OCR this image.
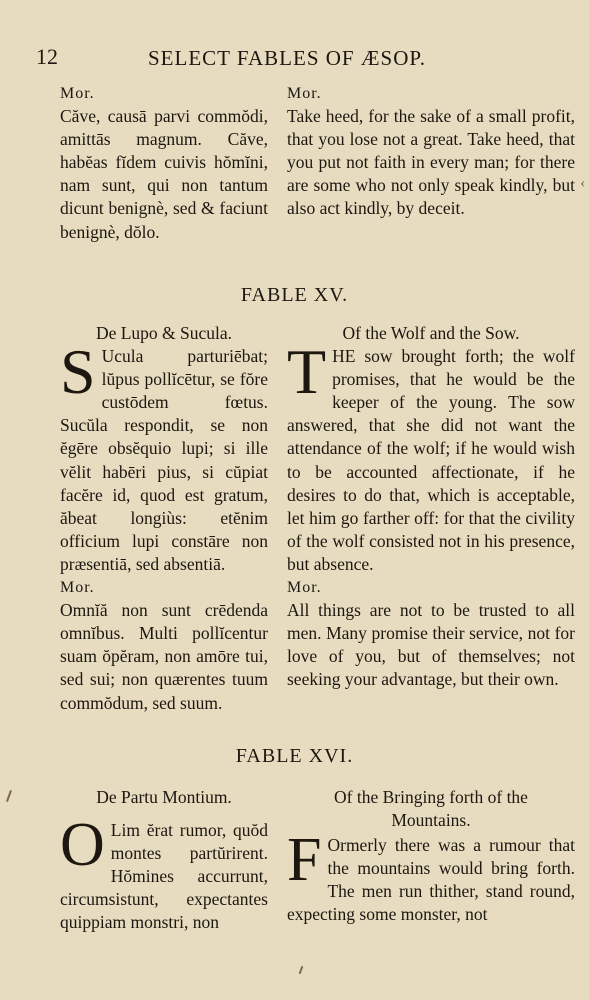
12	SELECT FABLES OF ÆSOP.

Mor.

Căve, causā parvi commŏdi, amittās magnum. Căve, habĕas fĭdem cuivis hŏmĭni, nam sunt, qui non tantum dicunt benignè, sed & faciunt benignè, dŏlo.

Mor.

Take heed, for the sake of a small profit, that you lose not a great. Take heed, that you put not faith in every man; for there are some who not only speak kindly, but also act kindly, by deceit.

‹
FABLE XV.

De Lupo & Sucula.

S Ucula parturiēbat; lŭpus pollĭcētur, se fŏre custōdem fœtus. Sucŭla respondit, se non ĕgēre obsĕquio lupi; si ille vĕlit habēri pius, si cŭpiat facĕre id, quod est gratum, ăbeat longiùs: etĕnim officium lupi constāre non præsentiā, sed absentiā.

Mor.

Omnĭă non sunt crēdenda omnĭbus. Multi pollĭcentur suam ŏpĕram, non amōre tui, sed sui; non quærentes tuum commŏdum, sed suum.

Of the Wolf and the Sow.

THE sow brought forth; the wolf promises, that he would be the keeper of the young. The sow answered, that she did not want the attendance of the wolf; if he would wish to be accounted affectionate, if he desires to do that, which is acceptable, let him go farther off: for that the civility of the wolf consisted not in his presence, but absence.

Mor.

All things are not to be trusted to all men. Many promise their service, not for love of you, but of themselves; not seeking your advantage, but their own.

FABLE XVI.

De Partu Montium.

O Lim ĕrat rumor, quŏd montes partŭrirent. Hŏmines accurrunt, circumsistunt, expectantes quippiam monstri, non

Of the Bringing forth of the Mountains.

F Ormerly there was a rumour that the mountains would bring forth. The men run thither, stand round, expecting some monster, not
